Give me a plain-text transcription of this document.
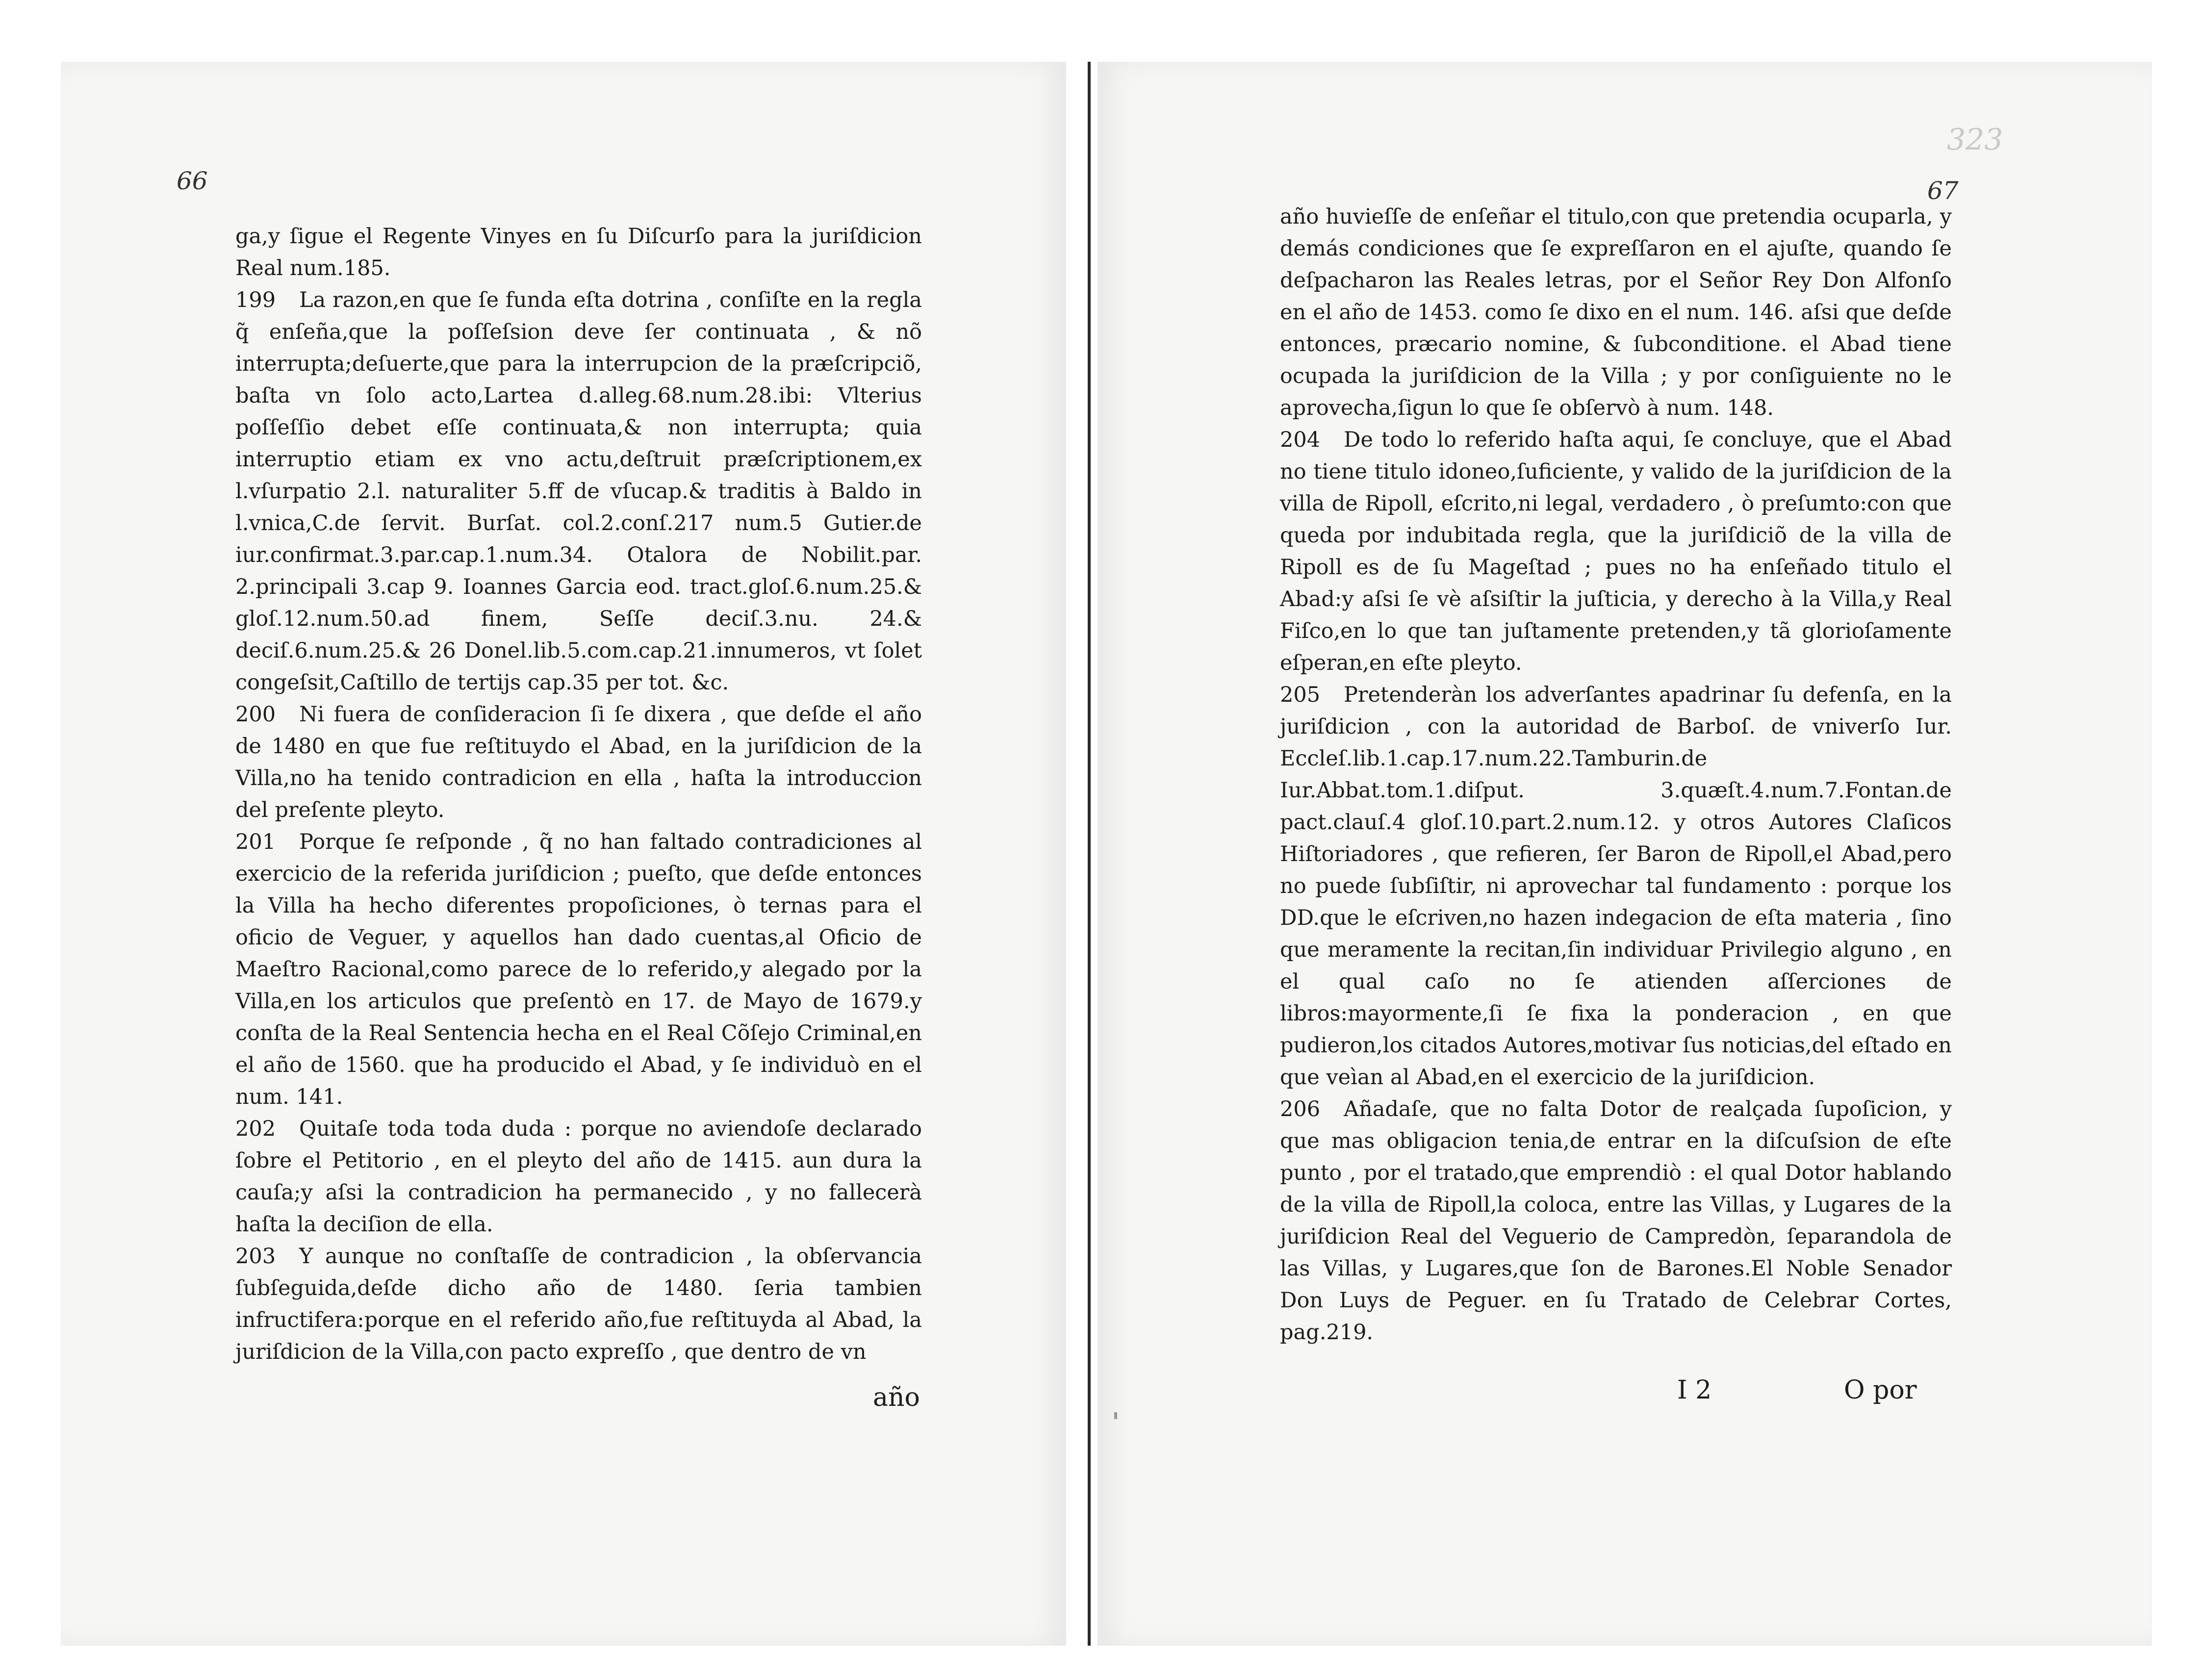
66	67
323

ga,y ſigue el Regente Vinyes en ſu Diſcurſo para la juriſdicion Real num.185.

199 La razon,en que ſe funda eſta dotrina , conſiſte en la regla q̃ enſeña,que la poſſeſsion deve ſer continuata , & nõ interrupta;deſuerte,que para la interrupcion de la præſcripciõ, baſta vn ſolo acto,Lartea d.alleg.68.num.28.ibi: Vlterius poſſeſſio debet eſſe continuata,& non interrupta; quia interruptio etiam ex vno actu,deſtruit præſcriptionem,ex l.vſurpatio 2.l. naturaliter 5.ff de vſucap.& traditis à Baldo in l.vnica,C.de ſervit. Burſat. col.2.conſ.217 num.5 Gutier.de iur.confirmat.3.par.cap.1.num.34. Otalora de Nobilit.par. 2.principali 3.cap 9. Ioannes Garcia eod. tract.gloſ.6.num.25.& gloſ.12.num.50.ad finem, Seſſe deciſ.3.nu. 24.& deciſ.6.num.25.& 26 Donel.lib.5.com.cap.21.innumeros, vt ſolet congeſsit,Caſtillo de tertijs cap.35 per tot. &c.

200 Ni fuera de conſideracion ſi ſe dixera , que deſde el año de 1480 en que fue reſtituydo el Abad, en la juriſdicion de la Villa,no ha tenido contradicion en ella , haſta la introduccion del preſente pleyto.

201 Porque ſe reſponde , q̃ no han faltado contradiciones al exercicio de la referida juriſdicion ; pueſto, que deſde entonces la Villa ha hecho diferentes propoſiciones, ò ternas para el oficio de Veguer, y aquellos han dado cuentas,al Oficio de Maeſtro Racional,como parece de lo referido,y alegado por la Villa,en los articulos que preſentò en 17. de Mayo de 1679.y conſta de la Real Sentencia hecha en el Real Cõſejo Criminal,en el año de 1560. que ha producido el Abad, y ſe individuò en el num. 141.

202 Quitaſe toda toda duda : porque no aviendoſe declarado ſobre el Petitorio , en el pleyto del año de 1415. aun dura la cauſa;y aſsi la contradicion ha permanecido , y no fallecerà haſta la deciſion de ella.

203 Y aunque no conſtaſſe de contradicion , la obſervancia ſubſeguida,deſde dicho año de 1480. ſeria tambien infructifera:porque en el referido año,fue reſtituyda al Abad, la juriſdicion de la Villa,con pacto expreſſo , que dentro de vn

año huvieſſe de enſeñar el titulo,con que pretendia ocuparla, y demás condiciones que ſe expreſſaron en el ajuſte, quando ſe deſpacharon las Reales letras, por el Señor Rey Don Alfonſo en el año de 1453. como ſe dixo en el num. 146. aſsi que deſde entonces, præcario nomine, & ſubconditione. el Abad tiene ocupada la juriſdicion de la Villa ; y por conſiguiente no le aprovecha,ſigun lo que ſe obſervò à num. 148.

204 De todo lo referido haſta aqui, ſe concluye, que el Abad no tiene titulo idoneo,ſuficiente, y valido de la juriſdicion de la villa de Ripoll, eſcrito,ni legal, verdadero , ò preſumto:con que queda por indubitada regla, que la juriſdiciõ de la villa de Ripoll es de ſu Mageſtad ; pues no ha enſeñado titulo el Abad:y aſsi ſe vè aſsiſtir la juſticia, y derecho à la Villa,y Real Fiſco,en lo que tan juſtamente pretenden,y tã glorioſamente eſperan,en eſte pleyto.

205 Pretenderàn los adverſantes apadrinar ſu defenſa, en la juriſdicion , con la autoridad de Barboſ. de vniverſo Iur. Eccleſ.lib.1.cap.17.num.22.Tamburin.de Iur.Abbat.tom.1.diſput. 3.quæſt.4.num.7.Fontan.de pact.clauſ.4 gloſ.10.part.2.num.12. y otros Autores Claſicos Hiſtoriadores , que refieren, ſer Baron de Ripoll,el Abad,pero no puede ſubſiſtir, ni aprovechar tal fundamento : porque los DD.que le eſcriven,no hazen indegacion de eſta materia , ſino que meramente la recitan,ſin individuar Privilegio alguno , en el qual caſo no ſe atienden aſſerciones de libros:mayormente,ſi ſe fixa la ponderacion , en que pudieron,los citados Autores,motivar ſus noticias,del eſtado en que veìan al Abad,en el exercicio de la juriſdicion.

206 Añadaſe, que no falta Dotor de realçada ſupoſicion, y que mas obligacion tenia,de entrar en la diſcuſsion de eſte punto , por el tratado,que emprendiò : el qual Dotor hablando de la villa de Ripoll,la coloca, entre las Villas, y Lugares de la juriſdicion Real del Veguerio de Campredòn, ſeparandola de las Villas, y Lugares,que ſon de Barones.El Noble Senador Don Luys de Peguer. en ſu Tratado de Celebrar Cortes, pag.219.

año	I 2	O por
